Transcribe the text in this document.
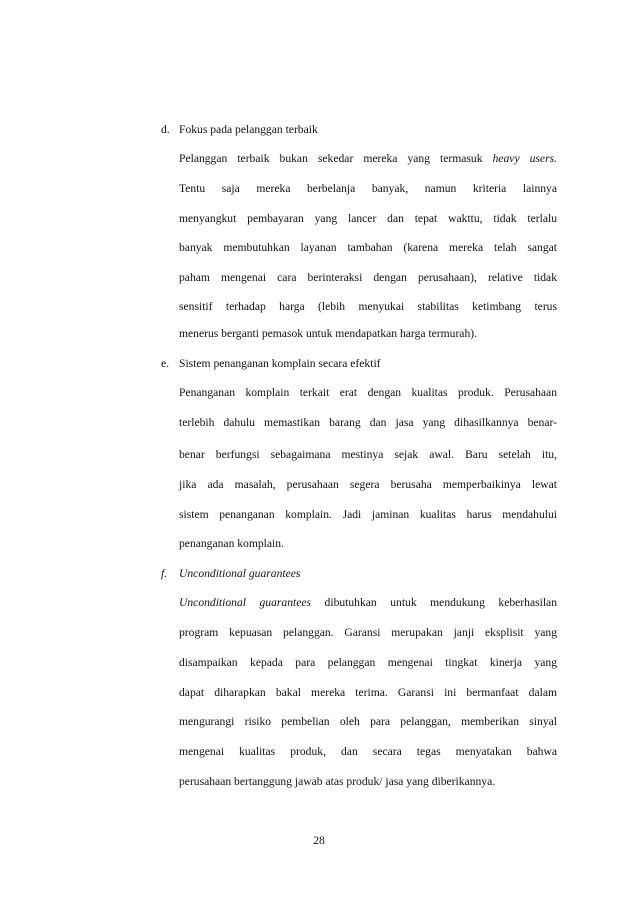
d. Fokus pada pelanggan terbaik
Pelanggan terbaik bukan sekedar mereka yang termasuk heavy users.
Tentu saja mereka berbelanja banyak, namun kriteria lainnya
menyangkut pembayaran yang lancer dan tepat wakttu, tidak terlalu
banyak membutuhkan layanan tambahan (karena mereka telah sangat
paham mengenai cara berinteraksi dengan perusahaan), relative tidak
sensitif terhadap harga (lebih menyukai stabilitas ketimbang terus
menerus berganti pemasok untuk mendapatkan harga termurah).
e. Sistem penanganan komplain secara efektif
Penanganan komplain terkait erat dengan kualitas produk. Perusahaan
terlebih dahulu memastikan barang dan jasa yang dihasilkannya benar-
benar berfungsi sebagaimana mestinya sejak awal. Baru setelah itu,
jika ada masalah, perusahaan segera berusaha memperbaikinya lewat
sistem penanganan komplain. Jadi jaminan kualitas harus mendahului
penanganan komplain.
f. Unconditional guarantees
Unconditional guarantees dibutuhkan untuk mendukung keberhasilan
program kepuasan pelanggan. Garansi merupakan janji eksplisit yang
disampaikan kepada para pelanggan mengenai tingkat kinerja yang
dapat diharapkan bakal mereka terima. Garansi ini bermanfaat dalam
mengurangi risiko pembelian oleh para pelanggan, memberikan sinyal
mengenai kualitas produk, dan secara tegas menyatakan bahwa
perusahaan bertanggung jawab atas produk/ jasa yang diberikannya.
28
